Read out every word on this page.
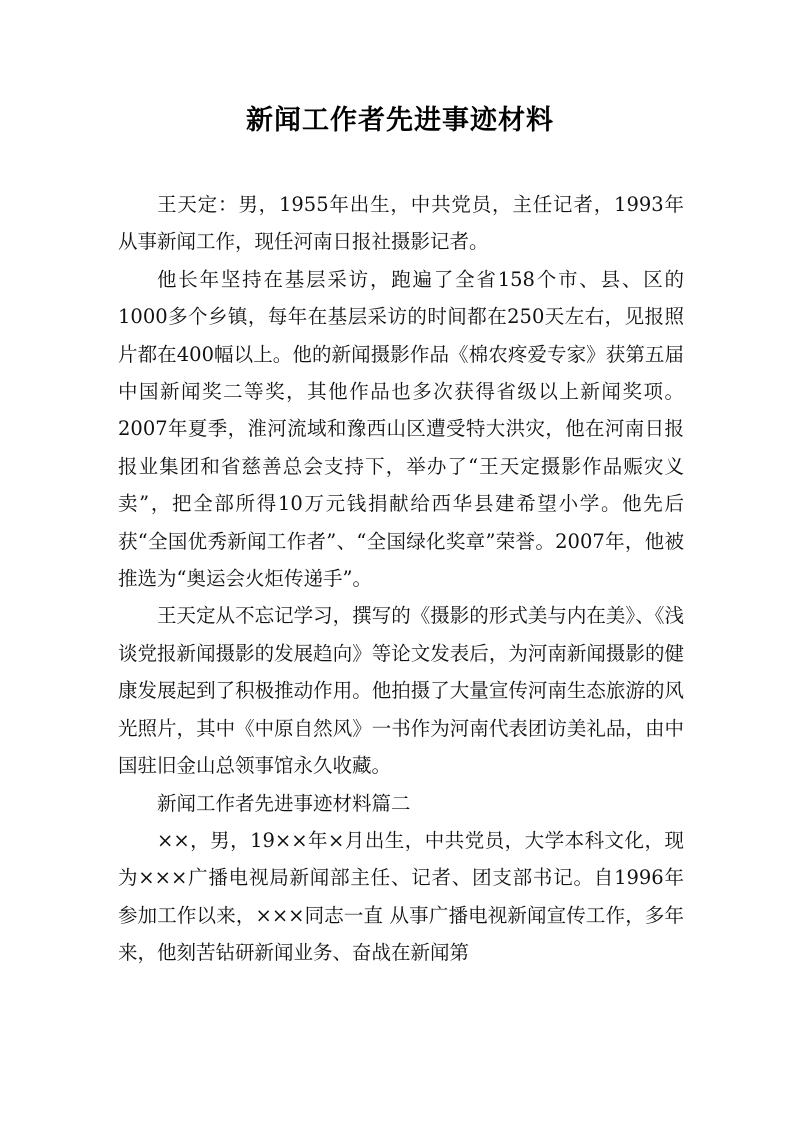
新闻工作者先进事迹材料

王天定：男，1955年出生，中共党员，主任记者，1993年从事新闻工作，现任河南日报社摄影记者。

他长年坚持在基层采访，跑遍了全省158个市、县、区的1000多个乡镇，每年在基层采访的时间都在250天左右，见报照片都在400幅以上。他的新闻摄影作品《棉农疼爱专家》获第五届中国新闻奖二等奖，其他作品也多次获得省级以上新闻奖项。2007年夏季，淮河流域和豫西山区遭受特大洪灾，他在河南日报报业集团和省慈善总会支持下，举办了“王天定摄影作品赈灾义卖”，把全部所得10万元钱捐献给西华县建希望小学。他先后获“全国优秀新闻工作者”、“全国绿化奖章”荣誉。2007年，他被推选为“奥运会火炬传递手”。

王天定从不忘记学习，撰写的《摄影的形式美与内在美》、《浅谈党报新闻摄影的发展趋向》等论文发表后，为河南新闻摄影的健康发展起到了积极推动作用。他拍摄了大量宣传河南生态旅游的风光照片，其中《中原自然风》一书作为河南代表团访美礼品，由中国驻旧金山总领事馆永久收藏。

新闻工作者先进事迹材料篇二

××，男，19××年×月出生，中共党员，大学本科文化，现为×××广播电视局新闻部主任、记者、团支部书记。自1996年参加工作以来，×××同志一直 从事广播电视新闻宣传工作，多年来，他刻苦钻研新闻业务、奋战在新闻第
